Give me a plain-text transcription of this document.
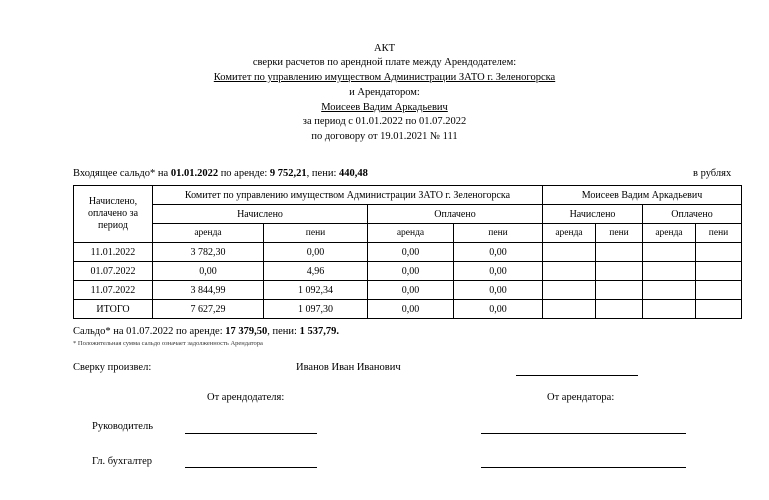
АКТ
сверки расчетов по арендной плате между Арендодателем:
Комитет по управлению имуществом Администрации ЗАТО г. Зеленогорска
и Арендатором:
Моисеев Вадим Аркадьевич
за период с 01.01.2022 по 01.07.2022
по договору от 19.01.2021 № 111
Входящее сальдо* на 01.01.2022 по аренде: 9 752,21, пени: 440,48	в рублях
Начислено, оплачено за период	Комитет по управлению имуществом Администрации ЗАТО г. Зеленогорска				Моисеев Вадим Аркадьевич			
	Начислено		Оплачено		Начислено		Оплачено	
	аренда	пени	аренда	пени	аренда	пени	аренда	пени
11.01.2022	3 782,30	0,00	0,00	0,00				
01.07.2022	0,00	4,96	0,00	0,00				
11.07.2022	3 844,99	1 092,34	0,00	0,00				
ИТОГО	7 627,29	1 097,30	0,00	0,00				
Сальдо* на 01.07.2022 по аренде: 17 379,50, пени: 1 537,79.
* Положительная сумма сальдо означает задолженность Арендатора
Сверку произвел:	Иванов Иван Иванович
От арендодателя:	От арендатора:
Руководитель
Гл. бухгалтер
